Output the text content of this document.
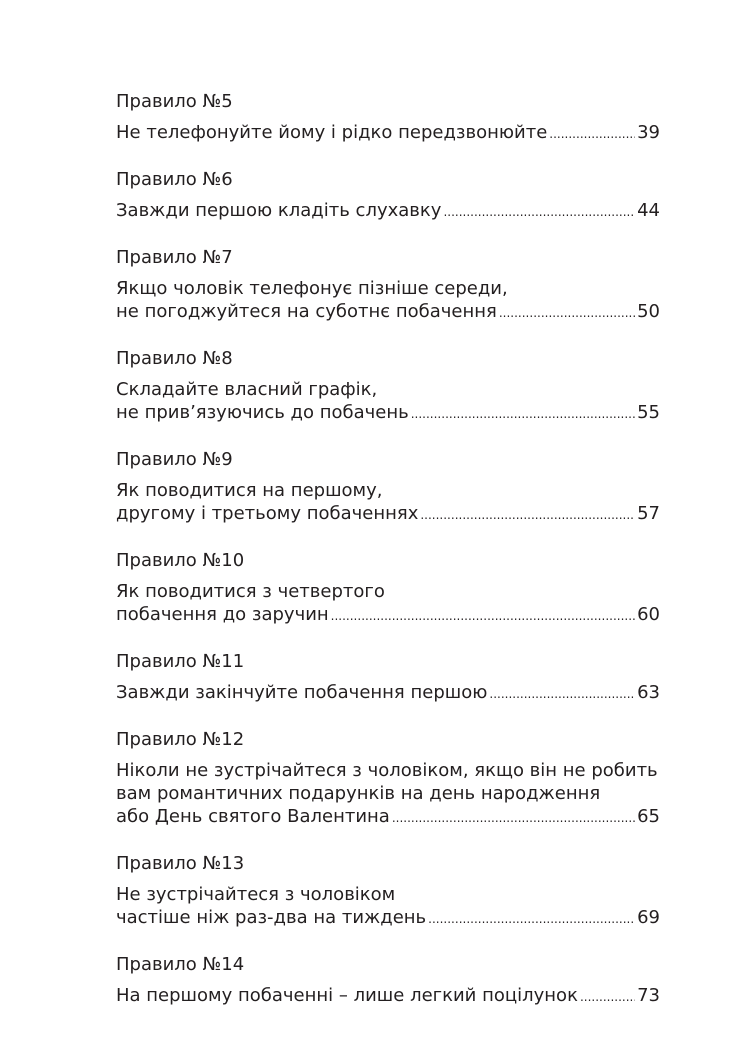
Правило №5
Не телефонуйте йому і рідко передзвонюйте .....	39
Правило №6
Завжди першою кладіть слухавку .....	44
Правило №7
Якщо чоловік телефонує пізніше середи,
не погоджуйтеся на суботнє побачення .....	50
Правило №8
Складайте власний графік,
не прив’язуючись до побачень .....	55
Правило №9
Як поводитися на першому,
другому і третьому побаченнях .....	57
Правило №10
Як поводитися з четвертого
побачення до заручин .....	60
Правило №11
Завжди закінчуйте побачення першою .....	63
Правило №12
Ніколи не зустрічайтеся з чоловіком, якщо він не робить
вам романтичних подарунків на день народження
або День святого Валентина .....	65
Правило №13
Не зустрічайтеся з чоловіком
частіше ніж раз-два на тиждень .....	69
Правило №14
На першому побаченні – лише легкий поцілунок .....	73
